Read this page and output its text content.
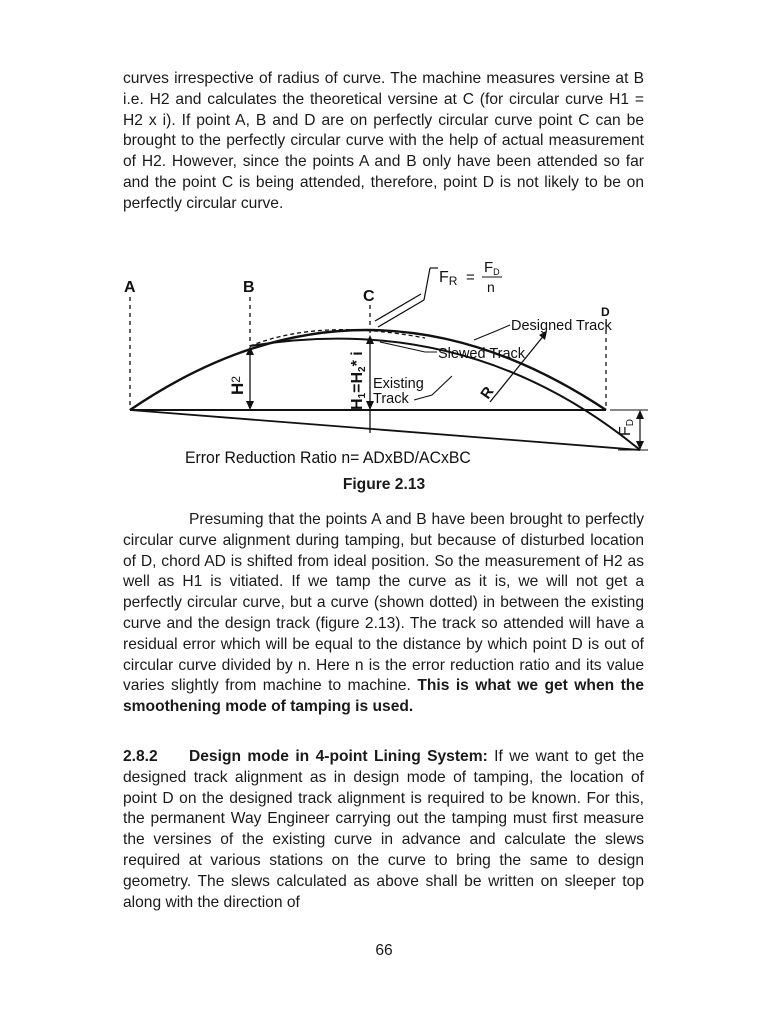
curves irrespective of radius of curve. The machine measures versine at B i.e. H2 and calculates the theoretical versine at C (for circular curve H1 = H2 x i). If point A, B and D are on perfectly circular curve point C can be brought to the perfectly circular curve with the help of actual measurement of H2. However, since the points A and B only have been attended so far and the point C is being attended, therefore, point D is not likely to be on perfectly circular curve.

A	B
C
D
FR =
$F_D$
n
Designed Track
Slewed Track
Existing
Track
H2
H1=H2* i
R
FD
Error Reduction Ratio n= ADxBD/ACxBC
Figure 2.13

Presuming that the points A and B have been brought to perfectly circular curve alignment during tamping, but because of disturbed location of D, chord AD is shifted from ideal position. So the measurement of H2 as well as H1 is vitiated. If we tamp the curve as it is, we will not get a perfectly circular curve, but a curve (shown dotted) in between the existing curve and the design track (figure 2.13). The track so attended will have a residual error which will be equal to the distance by which point D is out of circular curve divided by n. Here n is the error reduction ratio and its value varies slightly from machine to machine. This is what we get when the smoothening mode of tamping is used.

2.8.2 Design mode in 4-point Lining System: If we want to get the designed track alignment as in design mode of tamping, the location of point D on the designed track alignment is required to be known. For this, the permanent Way Engineer carrying out the tamping must first measure the versines of the existing curve in advance and calculate the slews required at various stations on the curve to bring the same to design geometry. The slews calculated as above shall be written on sleeper top along with the direction of

66
